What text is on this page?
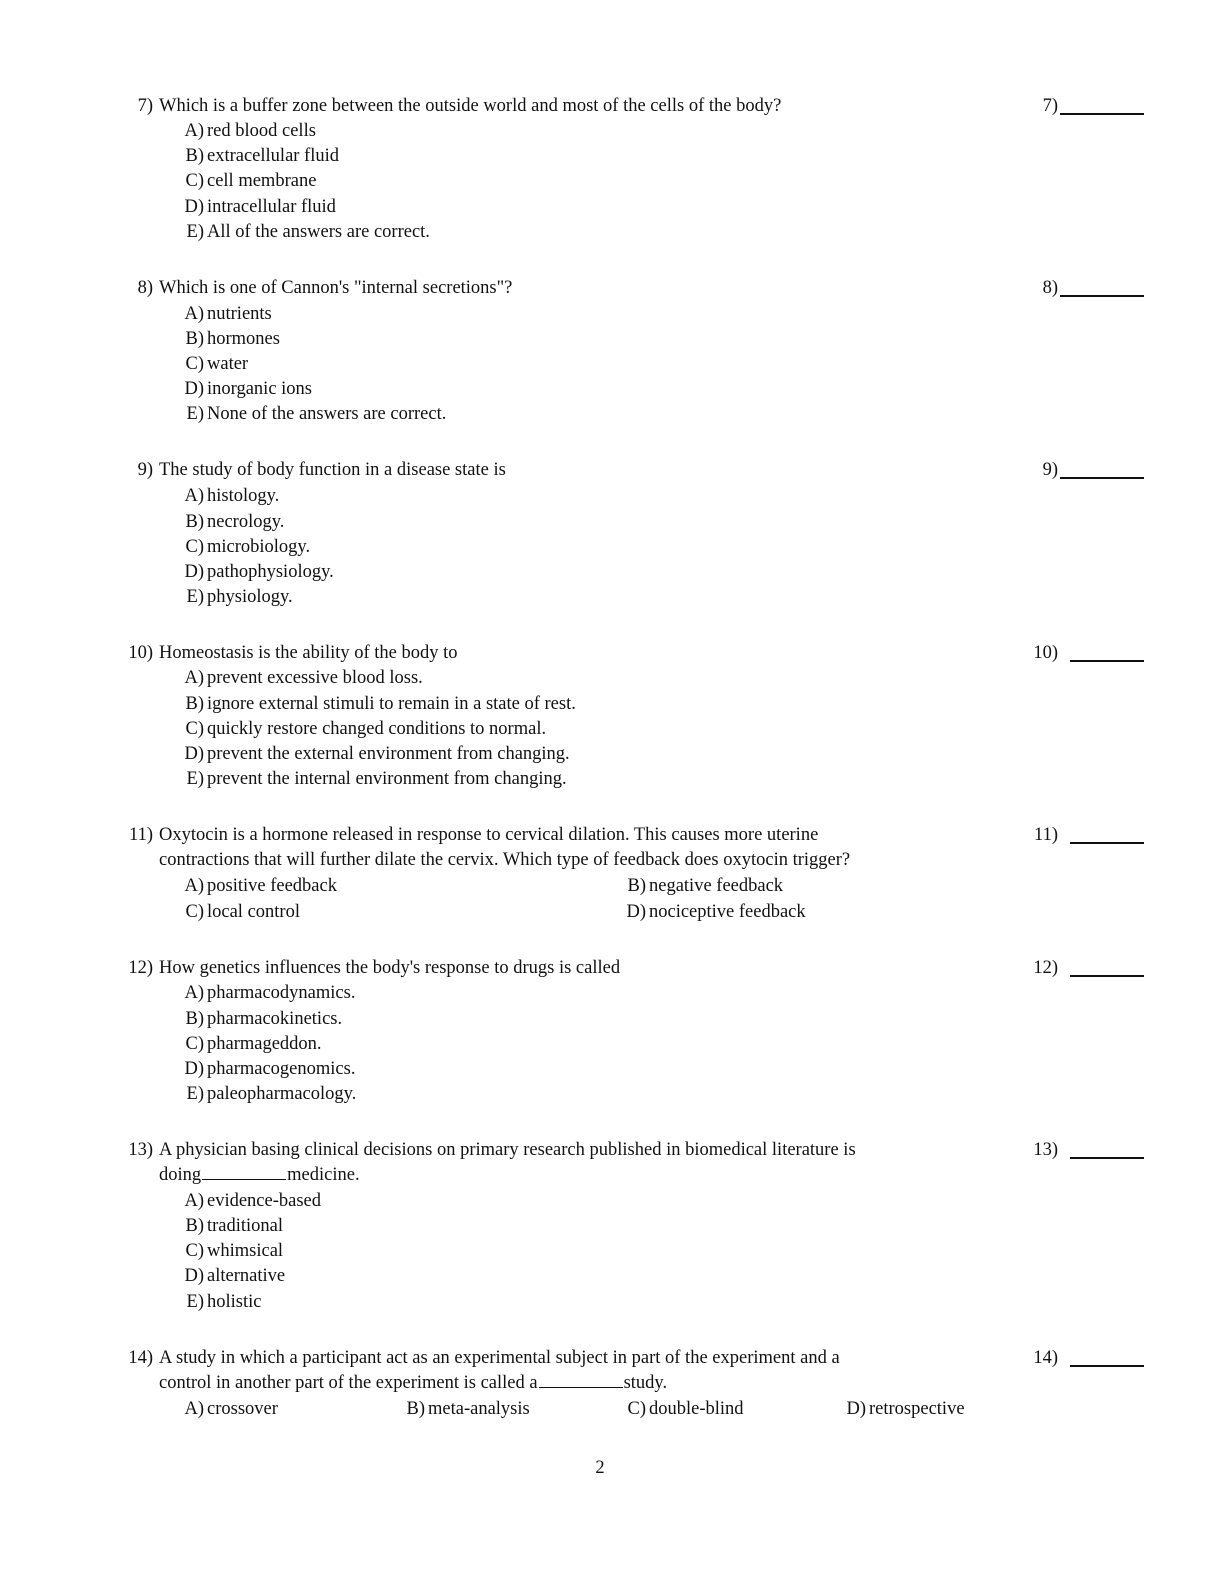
7) Which is a buffer zone between the outside world and most of the cells of the body?	7)
A) red blood cells
B) extracellular fluid
C) cell membrane
D) intracellular fluid
E) All of the answers are correct.
8) Which is one of Cannon's "internal secretions"?	8)
A) nutrients
B) hormones
C) water
D) inorganic ions
E) None of the answers are correct.
9) The study of body function in a disease state is	9)
A) histology.
B) necrology.
C) microbiology.
D) pathophysiology.
E) physiology.
10) Homeostasis is the ability of the body to	10)
A) prevent excessive blood loss.
B) ignore external stimuli to remain in a state of rest.
C) quickly restore changed conditions to normal.
D) prevent the external environment from changing.
E) prevent the internal environment from changing.
11) Oxytocin is a hormone released in response to cervical dilation. This causes more uterine
contractions that will further dilate the cervix. Which type of feedback does oxytocin trigger?
11)
A) positive feedback	B) negative feedback
C) local control	D) nociceptive feedback
12) How genetics influences the body's response to drugs is called	12)
A) pharmacodynamics.
B) pharmacokinetics.
C) pharmageddon.
D) pharmacogenomics.
E) paleopharmacology.
13) A physician basing clinical decisions on primary research published in biomedical literature is
doing	medicine.
13)
A) evidence-based
B) traditional
C) whimsical
D) alternative
E) holistic
14) A study in which a participant act as an experimental subject in part of the experiment and a
control in another part of the experiment is called a	study.
14)
A) crossover	B) meta-analysis	C) double-blind	D) retrospective
2
